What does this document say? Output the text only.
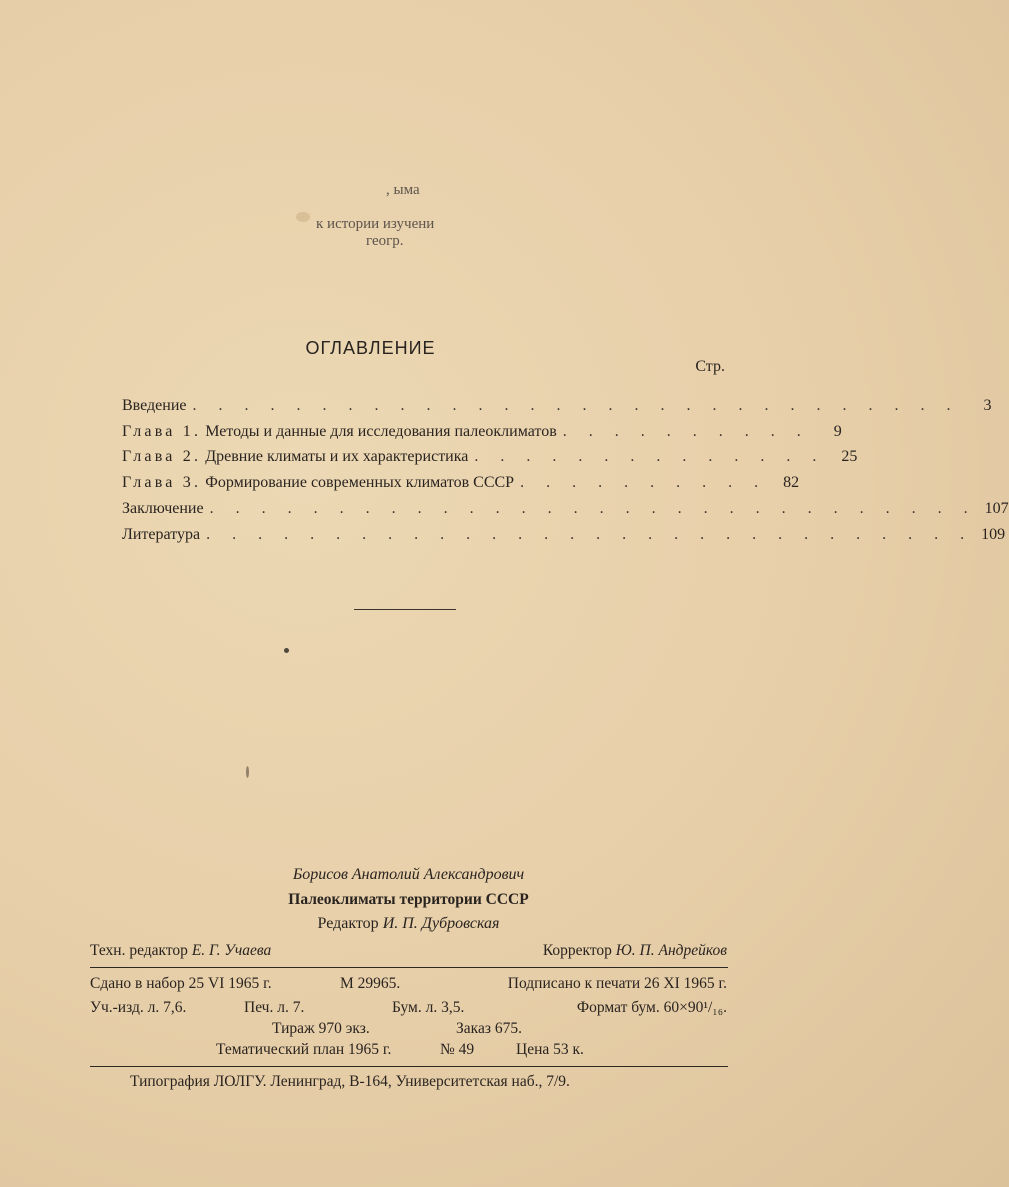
, ыма
к истории изучени
геогр.
ОГЛАВЛЕНИЕ
Стр.
Введение . . . . . . . . . . . . . . . . . . . . . . . . . . . . . .	3
Глава 1. Методы и данные для исследования палеоклиматов . . . . . . . . . .	9
Глава 2. Древние климаты и их характеристика . . . . . . . . . . . . . .	25
Глава 3. Формирование современных климатов СССР . . . . . . . . . .	82
Заключение . . . . . . . . . . . . . . . . . . . . . . . . . . . . . . 107
Литература . . . . . . . . . . . . . . . . . . . . . . . . . . . . . . 109
Борисов Анатолий Александрович
Палеоклиматы территории СССР
Редактор И. П. Дубровская
Техн. редактор Е. Г. Учаева	Корректор Ю. П. Андрейков
Сдано в набор 25 VI 1965 г.	М 29965.	Подписано к печати 26 XI 1965 г.
Уч.-изд. л. 7,6.	Печ. л. 7.	Бум. л. 3,5.	Формат бум. 60×90¹/₁₆.
Тираж 970 экз.	Заказ 675.
Тематический план 1965 г.	№ 49	Цена 53 к.
Типография ЛОЛГУ. Ленинград, В-164, Университетская наб., 7/9.
